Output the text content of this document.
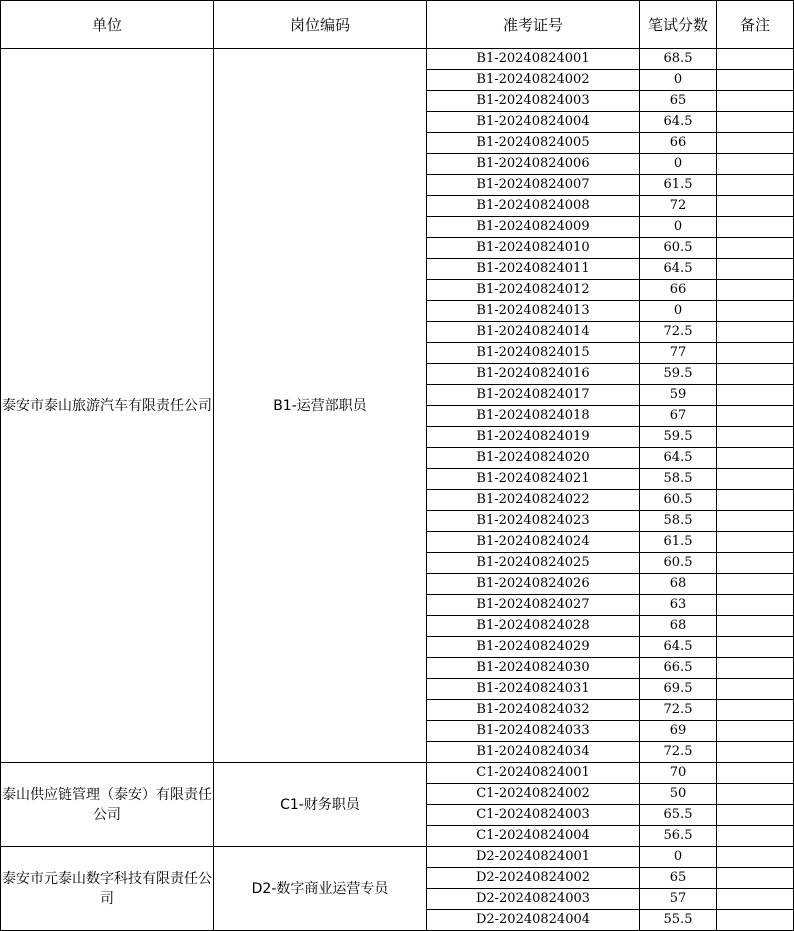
单位	岗位编码	准考证号	笔试分数	备注
泰安市泰山旅游汽车有限责任公司	B1-运营部职员	B1-20240824001	68.5	
		B1-20240824002	0	
		B1-20240824003	65	
		B1-20240824004	64.5	
		B1-20240824005	66	
		B1-20240824006	0	
		B1-20240824007	61.5	
		B1-20240824008	72	
		B1-20240824009	0	
		B1-20240824010	60.5	
		B1-20240824011	64.5	
		B1-20240824012	66	
		B1-20240824013	0	
		B1-20240824014	72.5	
		B1-20240824015	77	
		B1-20240824016	59.5	
		B1-20240824017	59	
		B1-20240824018	67	
		B1-20240824019	59.5	
		B1-20240824020	64.5	
		B1-20240824021	58.5	
		B1-20240824022	60.5	
		B1-20240824023	58.5	
		B1-20240824024	61.5	
		B1-20240824025	60.5	
		B1-20240824026	68	
		B1-20240824027	63	
		B1-20240824028	68	
		B1-20240824029	64.5	
		B1-20240824030	66.5	
		B1-20240824031	69.5	
		B1-20240824032	72.5	
		B1-20240824033	69	
		B1-20240824034	72.5	
泰山供应链管理（泰安）有限责任公司	C1-财务职员	C1-20240824001	70	
		C1-20240824002	50	
		C1-20240824003	65.5	
		C1-20240824004	56.5	
泰安市元泰山数字科技有限责任公司	D2-数字商业运营专员	D2-20240824001	0	
		D2-20240824002	65	
		D2-20240824003	57	
		D2-20240824004	55.5	
